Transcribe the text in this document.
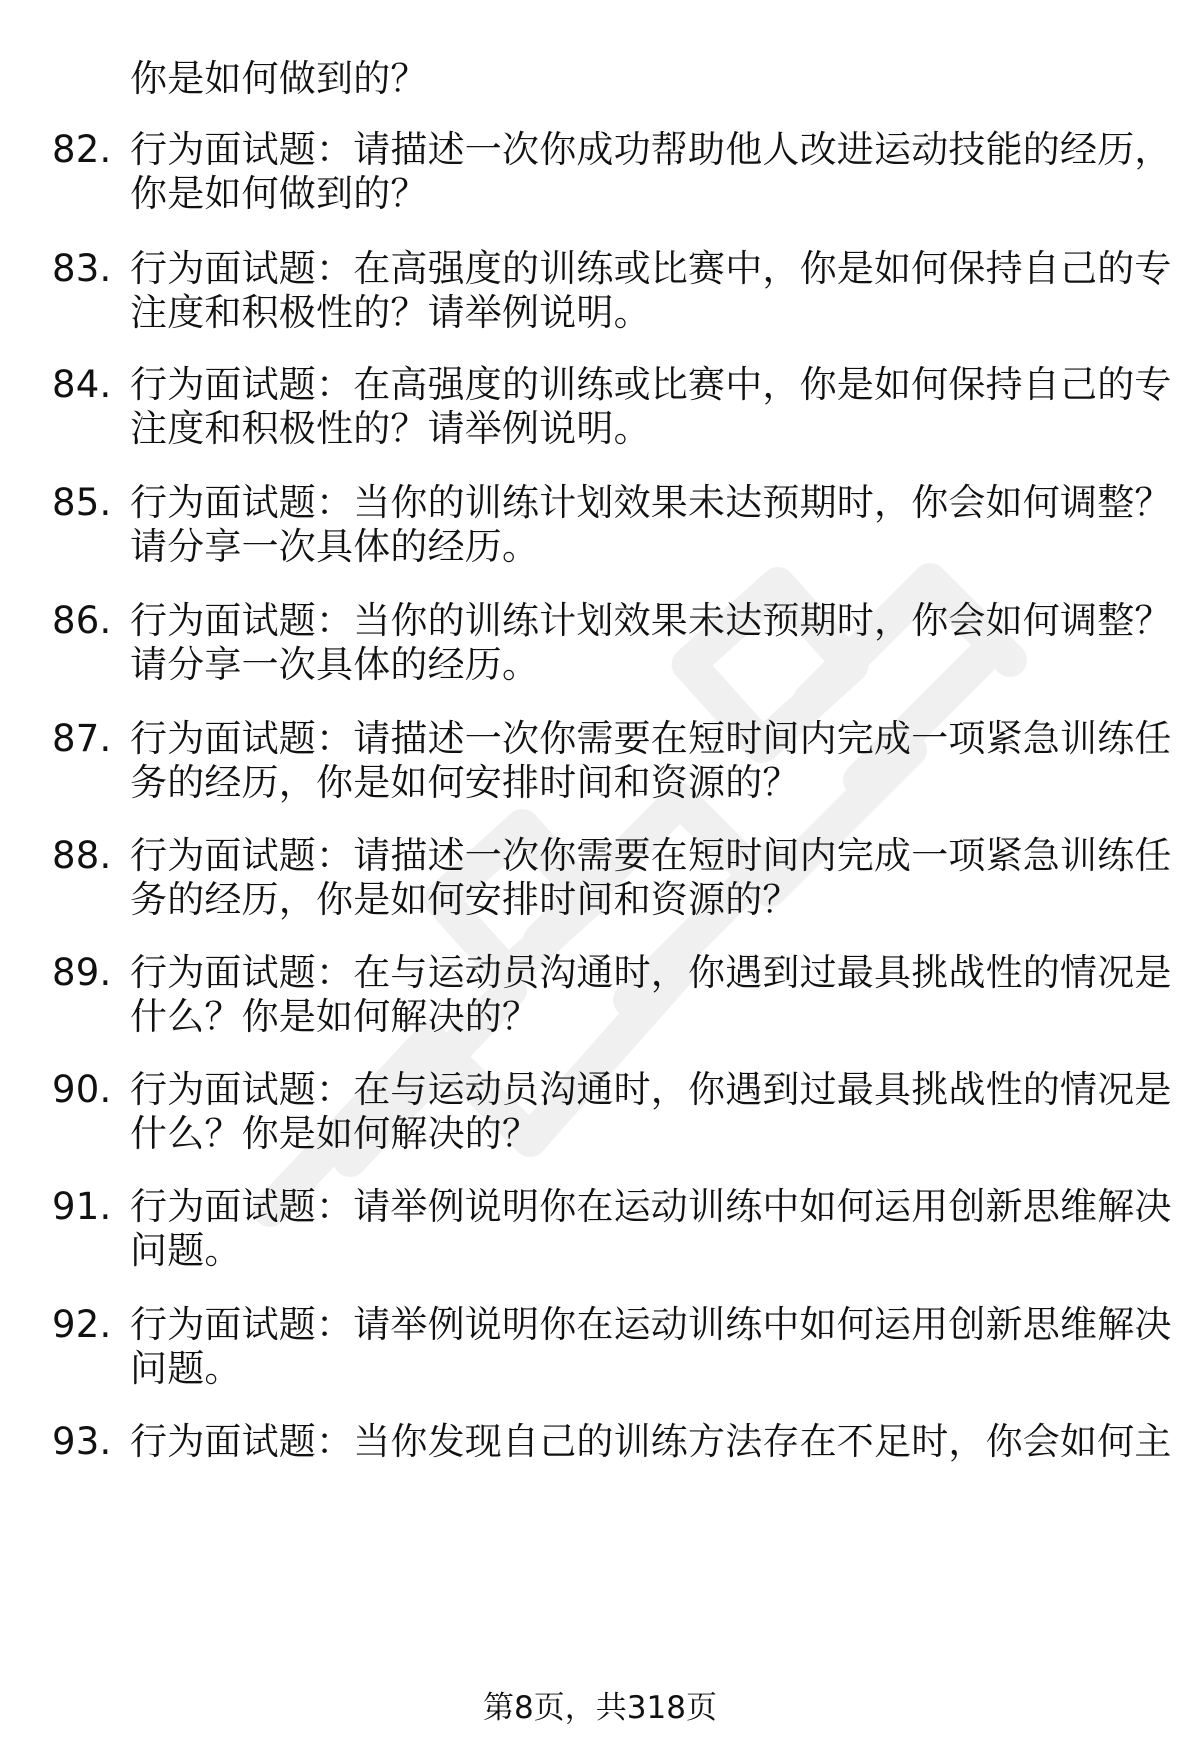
你是如何做到的？
82. 行为面试题：请描述一次你成功帮助他人改进运动技能的经历，
你是如何做到的？
83. 行为面试题：在高强度的训练或比赛中，你是如何保持自己的专
注度和积极性的？请举例说明。
84. 行为面试题：在高强度的训练或比赛中，你是如何保持自己的专
注度和积极性的？请举例说明。
85. 行为面试题：当你的训练计划效果未达预期时，你会如何调整？
请分享一次具体的经历。
86. 行为面试题：当你的训练计划效果未达预期时，你会如何调整？
请分享一次具体的经历。
87. 行为面试题：请描述一次你需要在短时间内完成一项紧急训练任
务的经历，你是如何安排时间和资源的？
88. 行为面试题：请描述一次你需要在短时间内完成一项紧急训练任
务的经历，你是如何安排时间和资源的？
89. 行为面试题：在与运动员沟通时，你遇到过最具挑战性的情况是
什么？你是如何解决的？
90. 行为面试题：在与运动员沟通时，你遇到过最具挑战性的情况是
什么？你是如何解决的？
91. 行为面试题：请举例说明你在运动训练中如何运用创新思维解决
问题。
92. 行为面试题：请举例说明你在运动训练中如何运用创新思维解决
问题。
93. 行为面试题：当你发现自己的训练方法存在不足时，你会如何主
第8页，共318页
